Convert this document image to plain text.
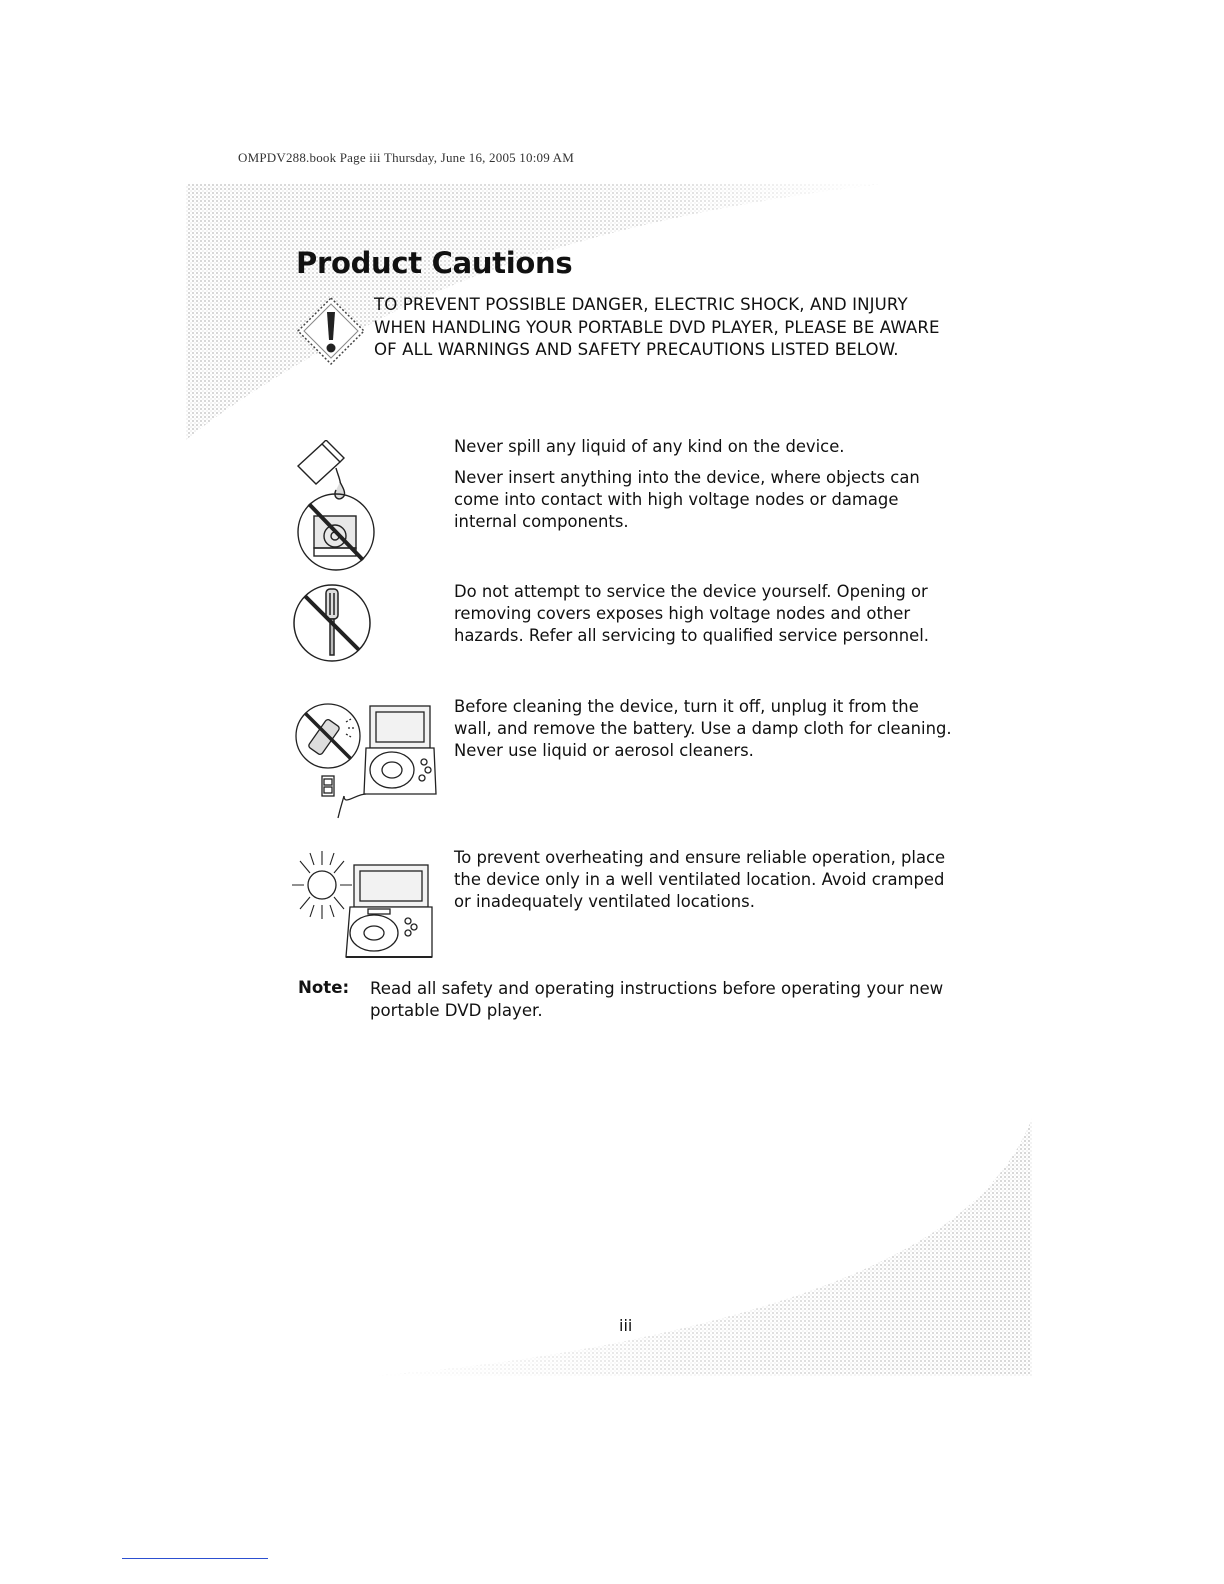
OMPDV288.book Page iii Thursday, June 16, 2005 10:09 AM
Product Cautions
TO PREVENT POSSIBLE DANGER, ELECTRIC SHOCK, AND INJURY
WHEN HANDLING YOUR PORTABLE DVD PLAYER, PLEASE BE AWARE
OF ALL WARNINGS AND SAFETY PRECAUTIONS LISTED BELOW.

Never spill any liquid of any kind on the device.

Never insert anything into the device, where objects can
come into contact with high voltage nodes or damage
internal components.

Do not attempt to service the device yourself. Opening or
removing covers exposes high voltage nodes and other
hazards. Refer all servicing to qualified service personnel.

Before cleaning the device, turn it off, unplug it from the
wall, and remove the battery. Use a damp cloth for cleaning.
Never use liquid or aerosol cleaners.

To prevent overheating and ensure reliable operation, place
the device only in a well ventilated location. Avoid cramped
or inadequately ventilated locations.

Note: Read all safety and operating instructions before operating your new
portable DVD player.

iii
